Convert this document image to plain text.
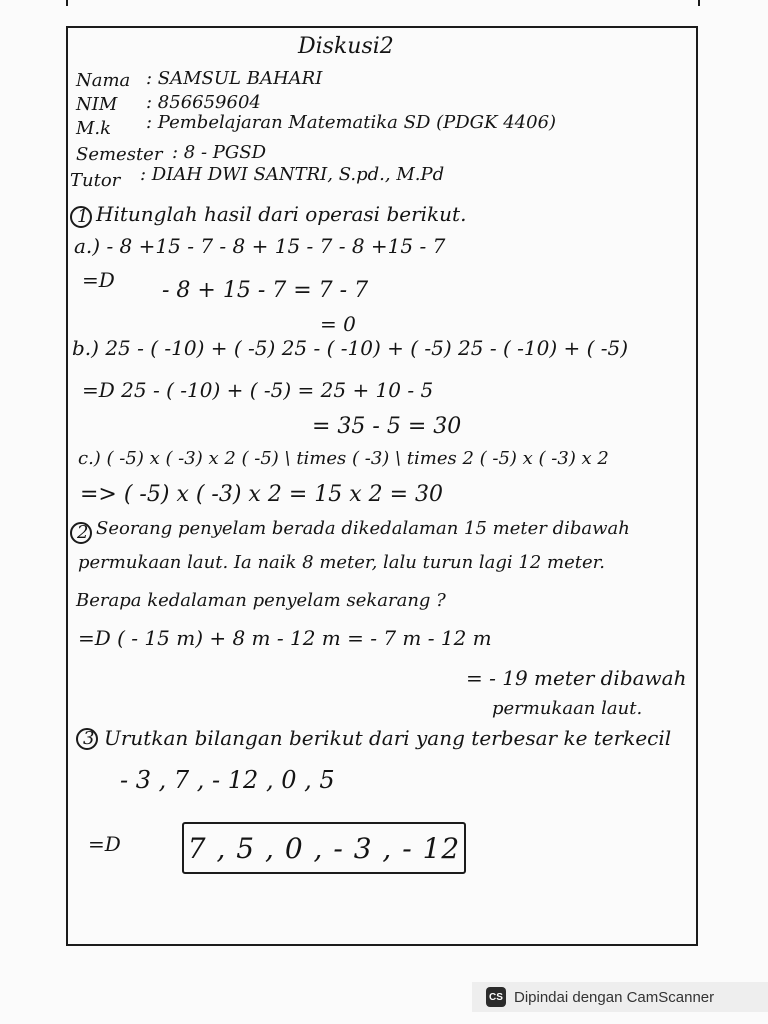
Diskusi2
Nama : SAMSUL BAHARI
NIM : 856659604
M.k : Pembelajaran Matematika SD (PDGK 4406)
Semester : 8 - PGSD
Tutor : DIAH DWI SANTRI, S.pd., M.Pd
1 Hitunglah hasil dari operasi berikut.
a.) - 8 +15 - 7 - 8 + 15 - 7 - 8 +15 - 7
=D - 8 + 15 - 7 = 7 - 7
= 0
b.) 25 - ( -10) + ( -5) 25 - ( -10) + ( -5) 25 - ( -10) + ( -5)
=D 25 - ( -10) + ( -5) = 25 + 10 - 5
= 35 - 5 = 30
c.) ( -5) x ( -3) x 2 ( -5) \ times ( -3) \ times 2 ( -5) x ( -3) x 2
=> ( -5) x ( -3) x 2 = 15 x 2 = 30
2 Seorang penyelam berada dikedalaman 15 meter dibawah
permukaan laut. Ia naik 8 meter, lalu turun lagi 12 meter.
Berapa kedalaman penyelam sekarang ?
=D ( - 15 m) + 8 m - 12 m = - 7 m - 12 m
= - 19 meter dibawah
permukaan laut.
3 Urutkan bilangan berikut dari yang terbesar ke terkecil
- 3 , 7 , - 12 , 0 , 5
=D 7 , 5 , 0 , - 3 , - 12
CS Dipindai dengan CamScanner
